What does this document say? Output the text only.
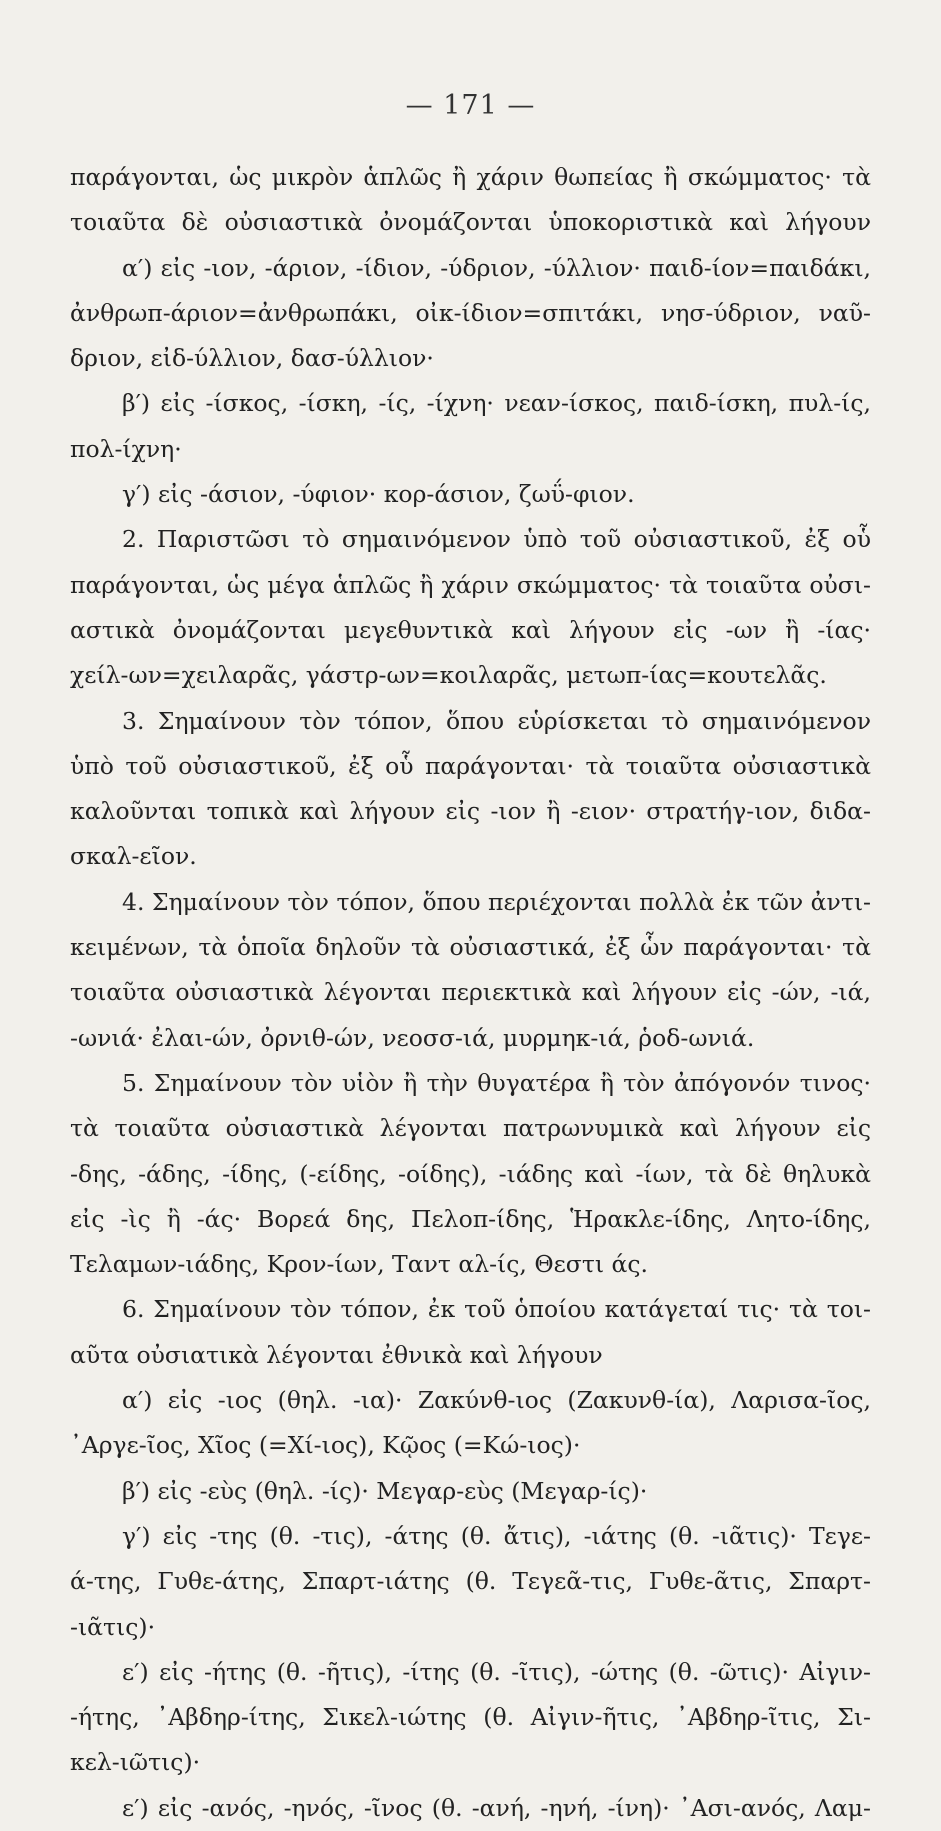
— 171 —
παράγονται, ὡς μικρὸν ἁπλῶς ἢ χάριν θωπείας ἢ σκώμματος· τὰ
τοιαῦτα δὲ οὐσιαστικὰ ὀνομάζονται ὑποκοριστικὰ καὶ λήγουν
α′) εἰς -ιον, -άριον, -ίδιον, -ύδριον, -ύλλιον· παιδ-ίον=παιδάκι,
ἀνθρωπ-άριον=ἀνθρωπάκι, οἰκ-ίδιον=σπιτάκι, νησ-ύδριον, ναῦ-
δριον, εἰδ-ύλλιον, δασ-ύλλιον·
β′) εἰς -ίσκος, -ίσκη, -ίς, -ίχνη· νεαν-ίσκος, παιδ-ίσκη, πυλ-ίς,
πολ-ίχνη·
γ′) εἰς -άσιον, -ύφιον· κορ-άσιον, ζωΰ-φιον.
2. Παριστῶσι τὸ σημαινόμενον ὑπὸ τοῦ οὐσιαστικοῦ, ἐξ οὗ
παράγονται, ὡς μέγα ἁπλῶς ἢ χάριν σκώμματος· τὰ τοιαῦτα οὐσι-
αστικὰ ὀνομάζονται μεγεθυντικὰ καὶ λήγουν εἰς -ων ἢ -ίας·
χείλ-ων=χειλαρᾶς, γάστρ-ων=κοιλαρᾶς, μετωπ-ίας=κουτελᾶς.
3. Σημαίνουν τὸν τόπον, ὅπου εὑρίσκεται τὸ σημαινόμενον
ὑπὸ τοῦ οὐσιαστικοῦ, ἐξ οὗ παράγονται· τὰ τοιαῦτα οὐσιαστικὰ
καλοῦνται τοπικὰ καὶ λήγουν εἰς -ιον ἢ -ειον· στρατήγ-ιον, διδα-
σκαλ-εῖον.
4. Σημαίνουν τὸν τόπον, ὅπου περιέχονται πολλὰ ἐκ τῶν ἀντι-
κειμένων, τὰ ὁποῖα δηλοῦν τὰ οὐσιαστικά, ἐξ ὧν παράγονται· τὰ
τοιαῦτα οὐσιαστικὰ λέγονται περιεκτικὰ καὶ λήγουν εἰς -ών, -ιά,
-ωνιά· ἐλαι-ών, ὀρνιθ-ών, νεοσσ-ιά, μυρμηκ-ιά, ῥοδ-ωνιά.
5. Σημαίνουν τὸν υἱὸν ἢ τὴν θυγατέρα ἢ τὸν ἀπόγονόν τινος·
τὰ τοιαῦτα οὐσιαστικὰ λέγονται πατρωνυμικὰ καὶ λήγουν εἰς
-δης, -άδης, -ίδης, (-είδης, -οίδης), -ιάδης καὶ -ίων, τὰ δὲ θηλυκὰ
εἰς -ὶς ἢ -άς· Βορεά δης, Πελοπ-ίδης, Ἡρακλε-ίδης, Λητο-ίδης,
Τελαμων-ιάδης, Κρον-ίων, Ταντ αλ-ίς, Θεστι άς.
6. Σημαίνουν τὸν τόπον, ἐκ τοῦ ὁποίου κατάγεταί τις· τὰ τοι-
αῦτα οὐσιατικὰ λέγονται ἐθνικὰ καὶ λήγουν
α′) εἰς -ιος (θηλ. -ια)· Ζακύνθ-ιος (Ζακυνθ-ία), Λαρισα-ῖος,
᾿Αργε-ῖος, Χῖος (=Χί-ιος), Κῷος (=Κώ-ιος)·
β′) εἰς -εὺς (θηλ. -ίς)· Μεγαρ-εὺς (Μεγαρ-ίς)·
γ′) εἰς -της (θ. -τις), -άτης (θ. ἄτις), -ιάτης (θ. -ιᾶτις)· Τεγε-
ά-της, Γυθε-άτης, Σπαρτ-ιάτης (θ. Τεγεᾶ-τις, Γυθε-ᾶτις, Σπαρτ-
-ιᾶτις)·
ε′) εἰς -ήτης (θ. -ῆτις), -ίτης (θ. -ῖτις), -ώτης (θ. -ῶτις)· Αἰγιν-
-ήτης, ᾿Αβδηρ-ίτης, Σικελ-ιώτης (θ. Αἰγιν-ῆτις, ᾿Αβδηρ-ῖτις, Σι-
κελ-ιῶτις)·
ε′) εἰς -ανός, -ηνός, -ῖνος (θ. -ανή, -ηνή, -ίνη)· ᾿Ασι-ανός, Λαμ-
